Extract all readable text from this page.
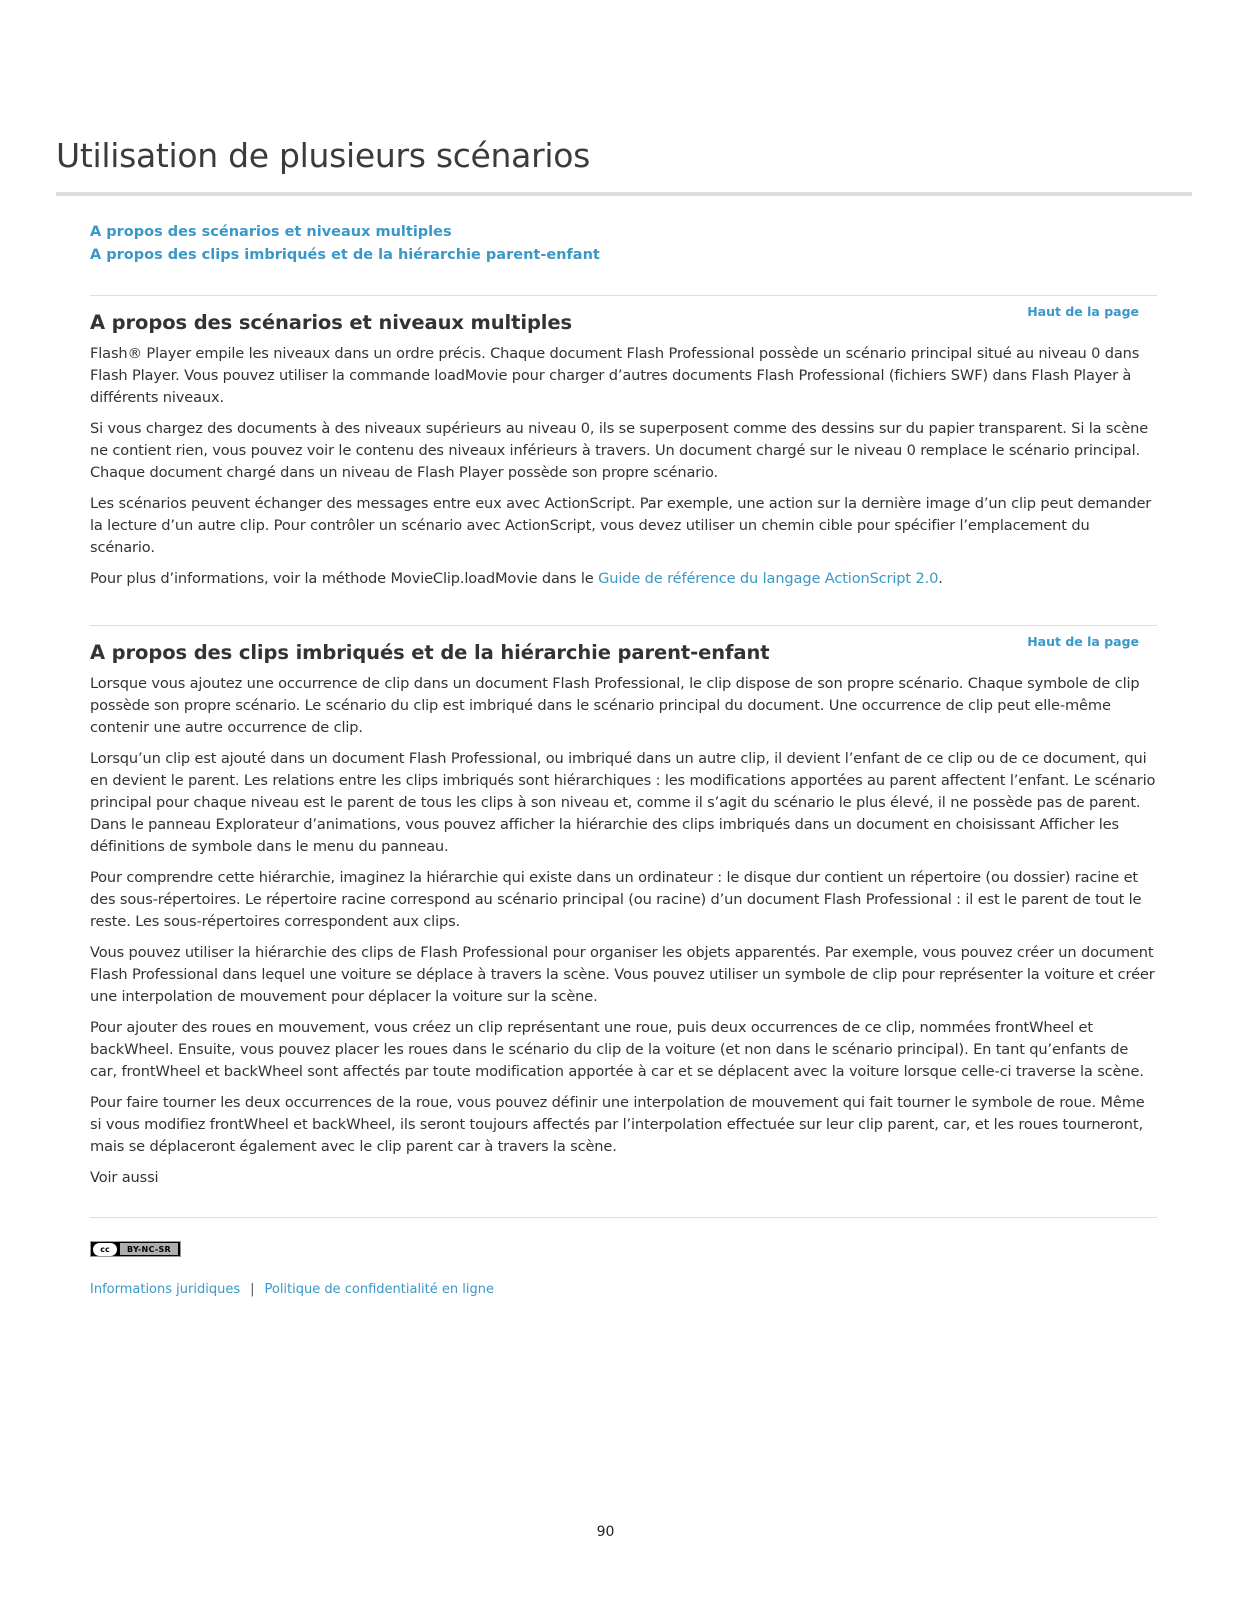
Utilisation de plusieurs scénarios
A propos des scénarios et niveaux multiples
A propos des clips imbriqués et de la hiérarchie parent-enfant
Haut de la page
A propos des scénarios et niveaux multiples

Flash® Player empile les niveaux dans un ordre précis. Chaque document Flash Professional possède un scénario principal situé au niveau 0 dans Flash Player. Vous pouvez utiliser la commande loadMovie pour charger d’autres documents Flash Professional (fichiers SWF) dans Flash Player à différents niveaux.

Si vous chargez des documents à des niveaux supérieurs au niveau 0, ils se superposent comme des dessins sur du papier transparent. Si la scène ne contient rien, vous pouvez voir le contenu des niveaux inférieurs à travers. Un document chargé sur le niveau 0 remplace le scénario principal. Chaque document chargé dans un niveau de Flash Player possède son propre scénario.

Les scénarios peuvent échanger des messages entre eux avec ActionScript. Par exemple, une action sur la dernière image d’un clip peut demander la lecture d’un autre clip. Pour contrôler un scénario avec ActionScript, vous devez utiliser un chemin cible pour spécifier l’emplacement du scénario.

Pour plus d’informations, voir la méthode MovieClip.loadMovie dans le Guide de référence du langage ActionScript 2.0.

Haut de la page
A propos des clips imbriqués et de la hiérarchie parent-enfant

Lorsque vous ajoutez une occurrence de clip dans un document Flash Professional, le clip dispose de son propre scénario. Chaque symbole de clip possède son propre scénario. Le scénario du clip est imbriqué dans le scénario principal du document. Une occurrence de clip peut elle-même contenir une autre occurrence de clip.

Lorsqu’un clip est ajouté dans un document Flash Professional, ou imbriqué dans un autre clip, il devient l’enfant de ce clip ou de ce document, qui en devient le parent. Les relations entre les clips imbriqués sont hiérarchiques : les modifications apportées au parent affectent l’enfant. Le scénario principal pour chaque niveau est le parent de tous les clips à son niveau et, comme il s’agit du scénario le plus élevé, il ne possède pas de parent. Dans le panneau Explorateur d’animations, vous pouvez afficher la hiérarchie des clips imbriqués dans un document en choisissant Afficher les définitions de symbole dans le menu du panneau.

Pour comprendre cette hiérarchie, imaginez la hiérarchie qui existe dans un ordinateur : le disque dur contient un répertoire (ou dossier) racine et des sous-répertoires. Le répertoire racine correspond au scénario principal (ou racine) d’un document Flash Professional : il est le parent de tout le reste. Les sous-répertoires correspondent aux clips.

Vous pouvez utiliser la hiérarchie des clips de Flash Professional pour organiser les objets apparentés. Par exemple, vous pouvez créer un document Flash Professional dans lequel une voiture se déplace à travers la scène. Vous pouvez utiliser un symbole de clip pour représenter la voiture et créer une interpolation de mouvement pour déplacer la voiture sur la scène.

Pour ajouter des roues en mouvement, vous créez un clip représentant une roue, puis deux occurrences de ce clip, nommées frontWheel et backWheel. Ensuite, vous pouvez placer les roues dans le scénario du clip de la voiture (et non dans le scénario principal). En tant qu’enfants de car, frontWheel et backWheel sont affectés par toute modification apportée à car et se déplacent avec la voiture lorsque celle-ci traverse la scène.

Pour faire tourner les deux occurrences de la roue, vous pouvez définir une interpolation de mouvement qui fait tourner le symbole de roue. Même si vous modifiez frontWheel et backWheel, ils seront toujours affectés par l’interpolation effectuée sur leur clip parent, car, et les roues tourneront, mais se déplaceront également avec le clip parent car à travers la scène.

Voir aussi

cc	BY-NC-SR
Informations juridiques | Politique de confidentialité en ligne
90
